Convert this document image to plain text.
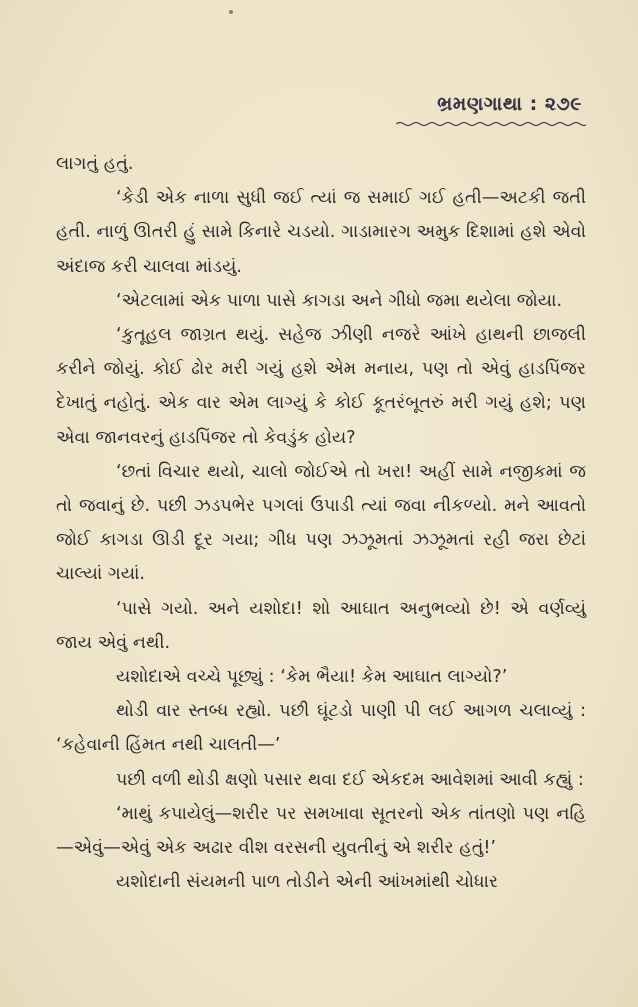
ભ્રમણગાથા : ૨૭૯

લાગતું હતું.

‘કેડી એક નાળા સુધી જઈ ત્યાં જ સમાઈ ગઈ હતી—અટકી જતી હતી. નાળું ઊતરી હું સામે કિનારે ચડયો. ગાડામારગ અમુક દિશામાં હશે એવો અંદાજ કરી ચાલવા માંડયું.

‘એટલામાં એક પાળા પાસે કાગડા અને ગીધો જમા થયેલા જોયા.

‘કુતૂહલ જાગ્રત થયું. સહેજ ઝીણી નજરે આંખે હાથની છાજલી કરીને જોયું. કોઈ ઢોર મરી ગયું હશે એમ મનાય, પણ તો એવું હાડપિંજર દેખાતું નહોતું. એક વાર એમ લાગ્યું કે કોઈ કૂતરંબૂતરું મરી ગયું હશે; પણ એવા જાનવરનું હાડપિંજર તો કેવડુંક હોય?

‘છતાં વિચાર થયો, ચાલો જોઈએ તો ખરા! અહીં સામે નજીકમાં જ તો જવાનું છે. પછી ઝડપભેર પગલાં ઉપાડી ત્યાં જવા નીકળ્યો. મને આવતો જોઈ કાગડા ઊડી દૂર ગયા; ગીધ પણ ઝઝૂમતાં ઝઝૂમતાં રહી જરા છેટાં ચાલ્યાં ગયાં.

‘પાસે ગયો. અને યશોદા! શો આઘાત અનુભવ્યો છે! એ વર્ણવ્યું જાય એવું નથી.

યશોદાએ વચ્ચે પૂછ્યું : ‘કેમ ભૈયા! કેમ આઘાત લાગ્યો?’

થોડી વાર સ્તબ્ધ રહ્યો. પછી ઘૂંટડો પાણી પી લઈ આગળ ચલાવ્યું : ‘કહેવાની હિંમત નથી ચાલતી—’

પછી વળી થોડી ક્ષણો પસાર થવા દઈ એકદમ આવેશમાં આવી કહ્યું :

‘માથું કપાયેલું—શરીર પર સમખાવા સૂતરનો એક તાંતણો પણ નહિ—એવું—એવું એક અઢાર વીશ વરસની યુવતીનું એ શરીર હતું!’

યશોદાની સંયમની પાળ તોડીને એની આંખમાંથી ચોધાર
